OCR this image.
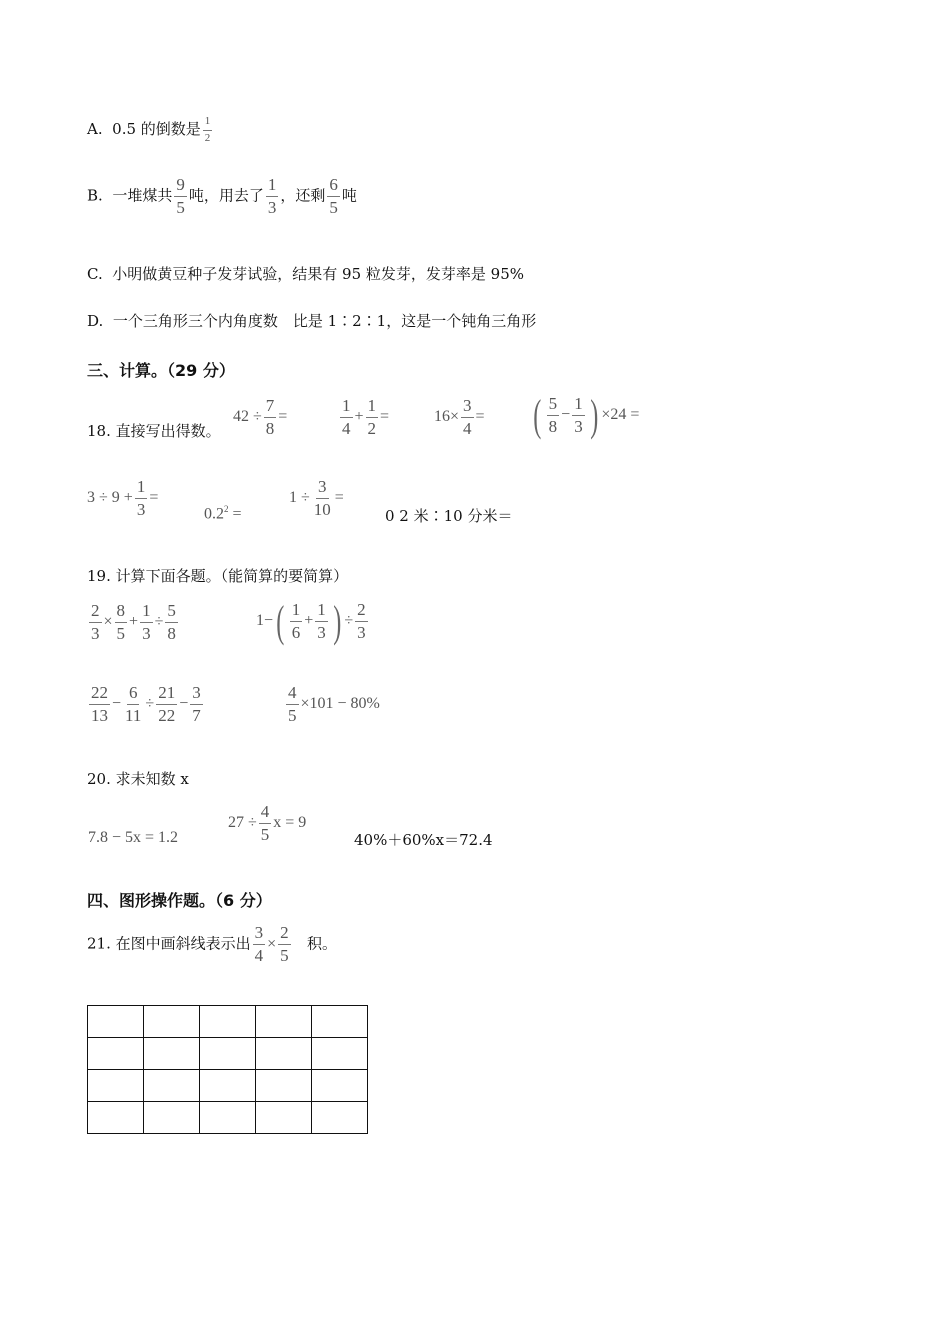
A. 0.5 的倒数是 $\frac{1}{2}$
B. 一堆煤共 $\frac{9}{5}$ 吨，用去了 $\frac{1}{3}$ ，还剩 $\frac{6}{5}$ 吨
C. 小明做黄豆种子发芽试验，结果有 95 粒发芽，发芽率是 95%
D. 一个三角形三个内角度数　比是 1∶2∶1，这是一个钝角三角形
三、计算。（29 分）
18. 直接写出得数。
$42 \div \frac{7}{8}$ =	$\frac{1}{4} + \frac{1}{2}$ =	$16\times \frac{3}{4}$ = ( $\frac{5}{8} - \frac{1}{3}$ ) ×24 =
$3 \div 9 + \frac{1}{3}$ =
$0.2^2$ =
$1 \div \frac{3}{10}$ =
0 2 米∶10 分米＝
19. 计算下面各题。（能简算的要简算）
$\frac{2}{3} \times \frac{8}{5} + \frac{1}{3} \div \frac{5}{8}$	$1-( \frac{1}{6} + \frac{1}{3}$ ) ÷ $\frac{2}{3}$
$\frac{22}{13} - \frac{6}{11} \div \frac{21}{22} - \frac{3}{7}$	$\frac{4}{5} \times 101 - 80\%$
20. 求未知数 x
7.8 − 5x = 1.2
$27 \div \frac{4}{5}$ x = 9
40%＋60%x＝72.4
四、图形操作题。（6 分）
21. 在图中画斜线表示出 $\frac{3}{4} \times \frac{2}{5}$ 积。
